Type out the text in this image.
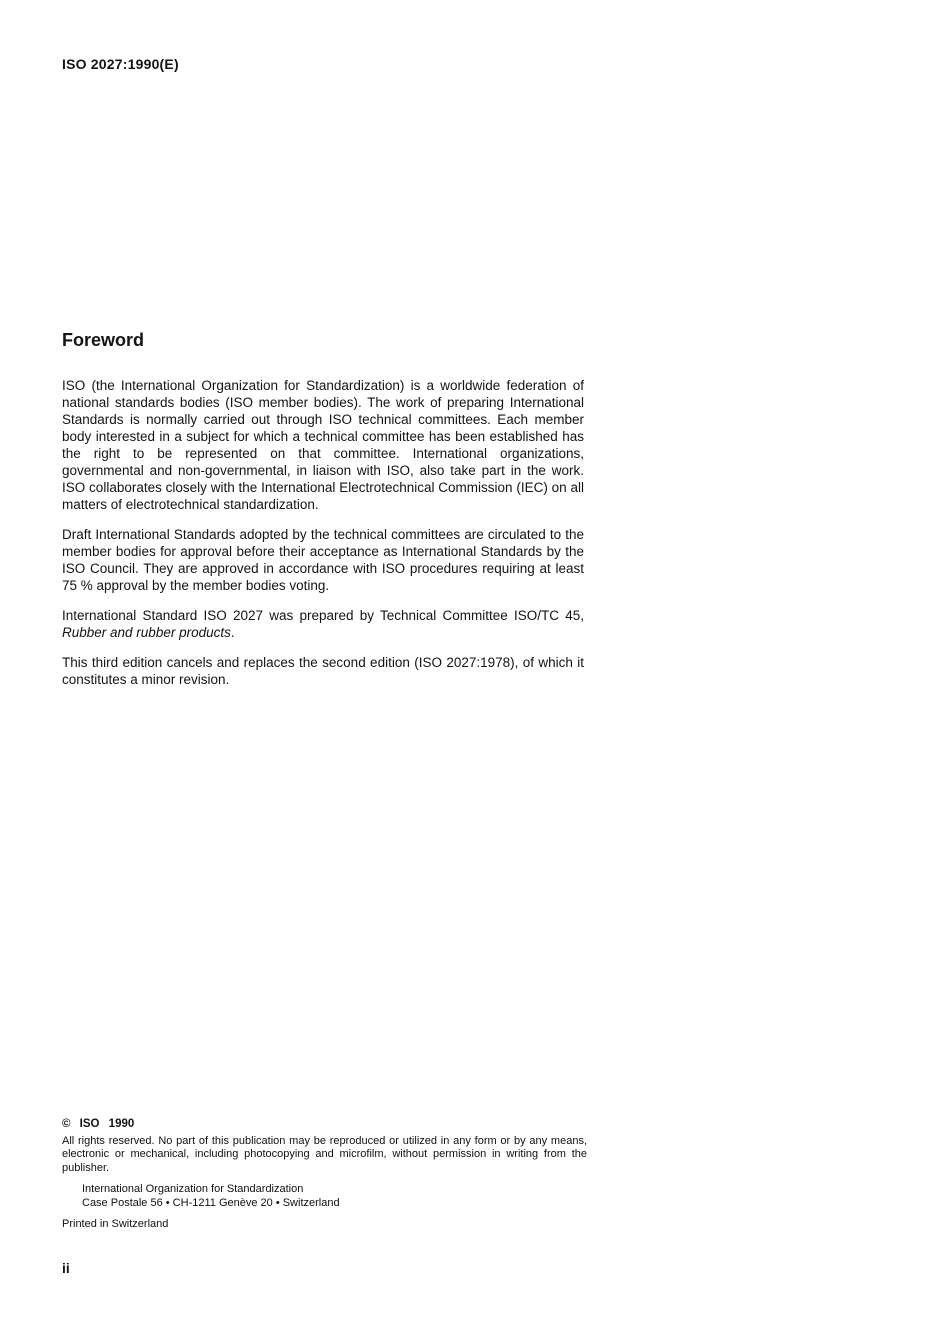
ISO 2027:1990(E)
Foreword

ISO (the International Organization for Standardization) is a worldwide federation of national standards bodies (ISO member bodies). The work of preparing International Standards is normally carried out through ISO technical committees. Each member body interested in a subject for which a technical committee has been established has the right to be represented on that committee. International organizations, governmental and non-governmental, in liaison with ISO, also take part in the work. ISO collaborates closely with the International Electrotechnical Commission (IEC) on all matters of electrotechnical standardization.

Draft International Standards adopted by the technical committees are circulated to the member bodies for approval before their acceptance as International Standards by the ISO Council. They are approved in accordance with ISO procedures requiring at least 75 % approval by the member bodies voting.

International Standard ISO 2027 was prepared by Technical Committee ISO/TC 45, Rubber and rubber products.

This third edition cancels and replaces the second edition (ISO 2027:1978), of which it constitutes a minor revision.

© ISO 1990
All rights reserved. No part of this publication may be reproduced or utilized in any form or by any means, electronic or mechanical, including photocopying and microfilm, without permission in writing from the publisher.
International Organization for Standardization
Case Postale 56 • CH-1211 Genève 20 • Switzerland
Printed in Switzerland
ii
